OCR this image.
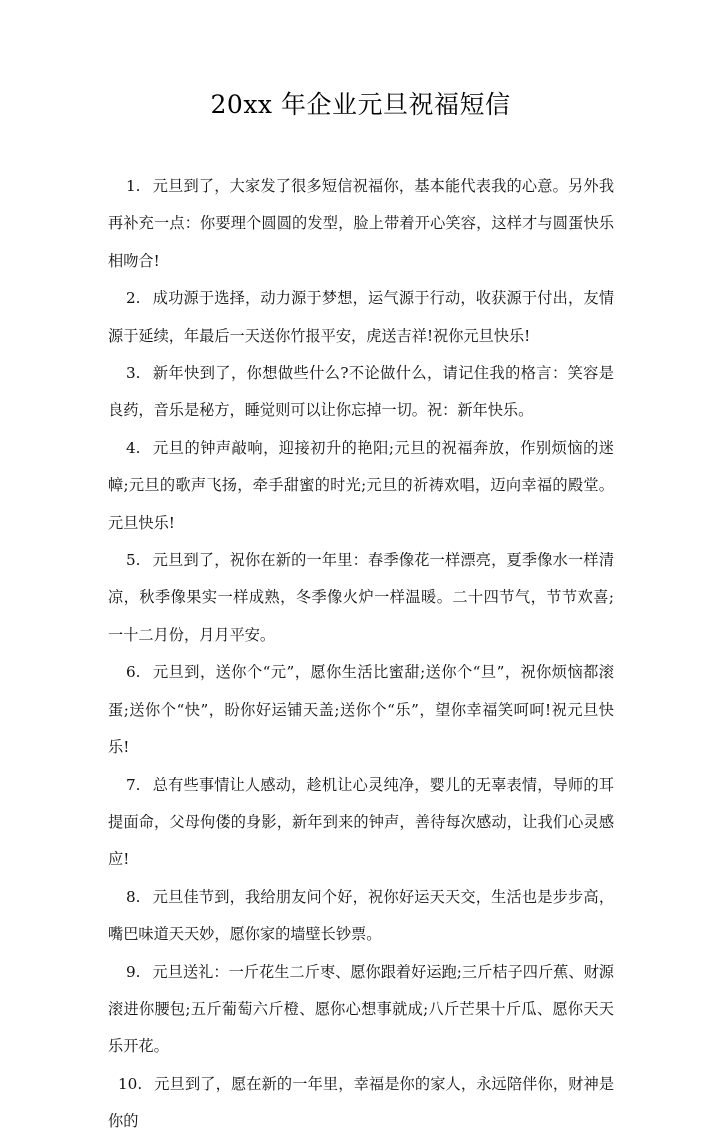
20xx 年企业元旦祝福短信

1. 元旦到了，大家发了很多短信祝福你，基本能代表我的心意。另外我再补充一点：你要理个圆圆的发型，脸上带着开心笑容，这样才与圆蛋快乐相吻合!

2. 成功源于选择，动力源于梦想，运气源于行动，收获源于付出，友情源于延续，年最后一天送你竹报平安，虎送吉祥!祝你元旦快乐!

3. 新年快到了，你想做些什么?不论做什么，请记住我的格言：笑容是良药，音乐是秘方，睡觉则可以让你忘掉一切。祝：新年快乐。

4. 元旦的钟声敲响，迎接初升的艳阳;元旦的祝福奔放，作别烦恼的迷幛;元旦的歌声飞扬，牵手甜蜜的时光;元旦的祈祷欢唱，迈向幸福的殿堂。元旦快乐!

5. 元旦到了，祝你在新的一年里：春季像花一样漂亮，夏季像水一样清凉，秋季像果实一样成熟，冬季像火炉一样温暖。二十四节气，节节欢喜;一十二月份，月月平安。

6. 元旦到，送你个“元”，愿你生活比蜜甜;送你个“旦”，祝你烦恼都滚蛋;送你个“快”，盼你好运铺天盖;送你个“乐”，望你幸福笑呵呵!祝元旦快乐!

7. 总有些事情让人感动，趁机让心灵纯净，婴儿的无辜表情，导师的耳提面命，父母佝偻的身影，新年到来的钟声，善待每次感动，让我们心灵感应!

8. 元旦佳节到，我给朋友问个好，祝你好运天天交，生活也是步步高，嘴巴味道天天妙，愿你家的墙壁长钞票。

9. 元旦送礼：一斤花生二斤枣、愿你跟着好运跑;三斤桔子四斤蕉、财源滚进你腰包;五斤葡萄六斤橙、愿你心想事就成;八斤芒果十斤瓜、愿你天天乐开花。

10. 元旦到了，愿在新的一年里，幸福是你的家人，永远陪伴你，财神是你的
